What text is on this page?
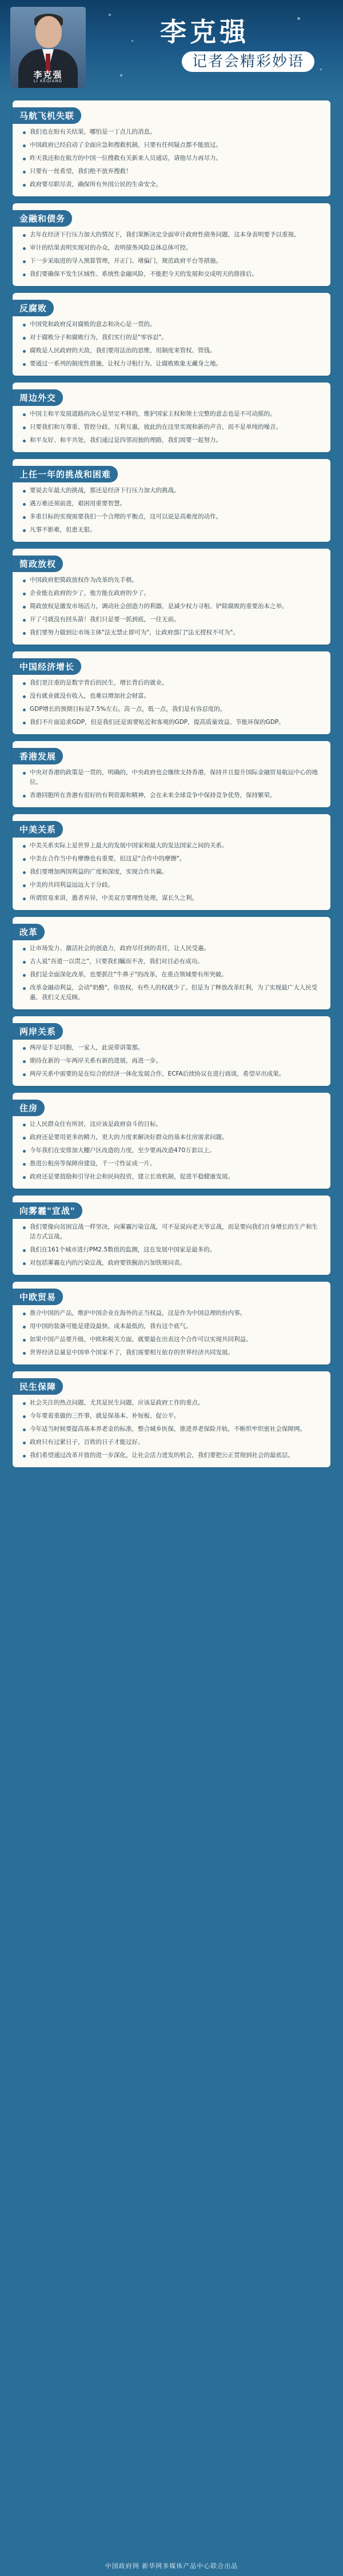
李克强
LI KEQIANG
李克强
记者会精彩妙语
马航飞机失联
我们也在盼有关结果，哪怕是一丁点儿的消息。
中国政府已经启动了全面应急和搜救机制，只要有任何疑点都不能放过。
昨天我还和在航方的中国一位搜救有关新来人员通话，请他尽力再尽力。
只要有一丝希望，我们绝不放弃搜救！
政府要尽职尽责，确保所有外国公民的生命安全。
金融和债务
去年在经济下行压力加大的情况下，我们果断决定全面审计政府性债务问题，这本身表明要予以重视。
审计的结果表明实现对的办众，表明债务风险总体总体可控。
下一步采取进的导入预算管理，开正门、堵偏门，规范政府平台等措施。
我们要确保不发生区域性、系统性金融风险，不能把今天的发展和交成明天的排排后。
反腐败
中国党和政府反对腐败的意志和决心是一贯的。
对于腐败分子和腐败行为，我们实行的是"零容忍"。
腐败是人民政府的天敌，我们要用法治的思维，用制度来管权、管钱。
要通过一系列的制度性措施，让权力寻租行为、让腐败败象无藏身之地。
周边外交
中国主和平发展道路的决心是坚定不移的，维护国家主权和领土完整的意志也是不可动摇的。
只要我们和互尊重、管控分歧、互利互惠，彼此的在这里实现和新的声音，而不是单纯的噪音。
和平友好、和平共处，我们通过是四邻而独的理路，我们周要一起努力。
上任一年的挑战和困难
要说去年最大的挑战，那还是经济下行压力加大的挑战。
遇万难还须前进，艰困用重要智慧。
多重目标的实现需要我们一个合理的平衡点，这可以说是高难度的动作。
凡事不影难，但患无狠。
简政放权
中国政府把简政放权作为改革的先手棋。
企业能在政府的少了，他方能在政府的少了。
简政放权是激发市场活力，调动社会创造力的利器，是减少权力寻租、铲除腐败的重要治本之举。
开了弓就没有回头箭！我们只是要一抓到底，一往无前。
我们要努力做到让市场主体"法无禁止即可为"，让政府部门"法无授权不可为"。
中国经济增长
我们更注重的是数字背后的民生，增长背后的就业。
没有就业就没有收入，也难以增加社会财富。
GDP增长的预期目标是7.5%左右。高一点，低一点，我们是有容忍度的。
我们不片面追求GDP，但是我们还是需要贴近和客观的GDP，提高质量效益、节能环保的GDP。
香港发展
中央对香港的政策是一贯的，明确的，中央政府也会继续支持香港，保持并且提升国际金融贸易航运中心的地位。
香港同胞所在香港有很好的有利资源和精神，会在未来全球竞争中保持竞争优势，保持繁荣。
中美关系
中美关系实际上是世界上最大的发展中国家和最大的发达国家之间的关系。
中美在合作当中有摩擦也有重要，但这是"合作中的摩擦"。
我们要增加两国利益的广度和深度，实现合作共赢。
中美的共同利益远远大于分歧。
所谓贸易来讲，愚者弃异，中美双方要理性处理，谋长久之利。
改革
让市场发力、激活社会的创造力，政府尽任到的责任，让人民受惠。
古人说"吾道一以贯之"，只要我们瞩而不舍，我们对目必有成功。
我们是全面深化改革，也要抓住"牛鼻子"的改革，在重点领域要有所突破。
改革金融动利益，会动"奶酪"，你放权，有些人的权就少了。但是为了释放改革红利，为了实现最广大人民受惠，我们义无反顾。
两岸关系
两岸是手足同胞，一家人，此说带讲策那。
期待在新的一年两岸关系有新的进展，再进一步。
两岸关系中需要的是在综合的经济一体化发展合作，ECFA后续协议在进行商谈，希望早出成果。
住房
让人民群众住有所居，这应该是政府奋斗的目标。
政府还是要用更多的精力，更大的力度来解决好群众的基本住房需求问题。
今年我们在安排加大棚户区改造的力度，至少要再改造470万套以上。
推进公租房等保障房建设，千一寸性证成一片。
政府还是要鼓励和引导社会和民间投资，建立长效机制，促进平稳健康发展。
向雾霾"宣战"
我们要像向贫困宣战一样坚决，向雾霾污染宣战，可不是说向老天爷宣战，而是要向我们自身增长的生产和生活方式宣战。
我们在161个城市进行PM2.5数值的监测，这在发展中国家是最多的。
对包括雾霾在内的污染宣战，政府要铁腕治污加铁规问责。
中欧贸易
推介中国的产品，维护中国企业在海外的正当权益，这是作为中国总理的份内事。
用中国的装备可能是建设最快、成本最低的，我有这个底气。
如果中国产品要升级，中欧和税关方面，就要最在出表这个合作可以实现共同利益。
世界经济总量是中国单个国家不了，我们需要相互依存的世界经济共同发展。
民生保障
社会关注的热点问题，尤其是民生问题，应该是政府工作的重点。
今年要着重做的三件事，就是保基本、补短板、促公平。
今年适当时候要提高基本养老金的标准，整合城乡医保，推进养老保险并轨，不断织牢织密社会保障网。
政府只有过紧日子，百姓的日子才能过好。
我们希望通过改革开放的进一步深化，让社会活力迸发的机会，我们要把公正贯彻到社会的最底层。
中国政府网 新华网多媒体产品中心联合出品
